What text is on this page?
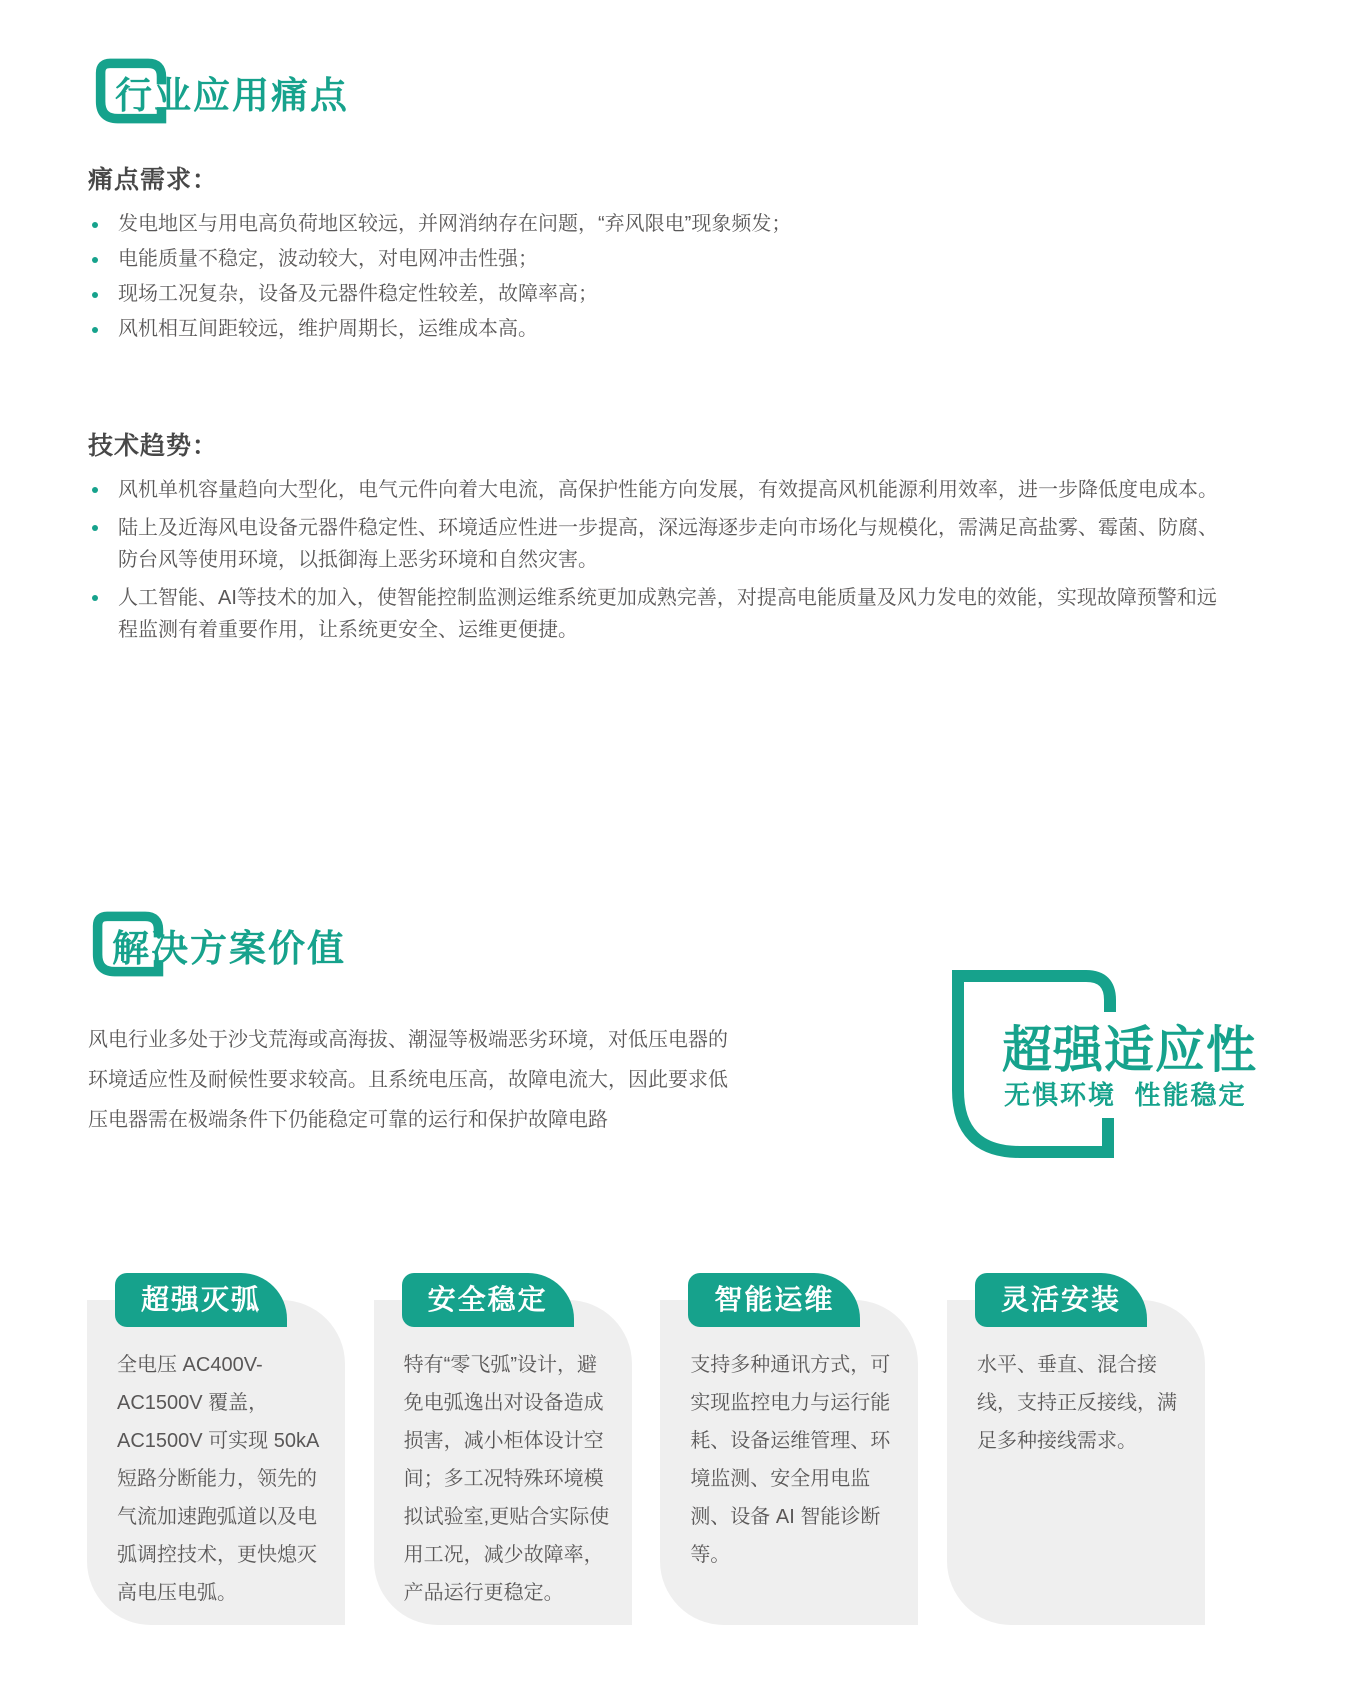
行业应用痛点
痛点需求：
发电地区与用电高负荷地区较远，并网消纳存在问题，“弃风限电”现象频发；
电能质量不稳定，波动较大，对电网冲击性强；
现场工况复杂，设备及元器件稳定性较差，故障率高；
风机相互间距较远，维护周期长，运维成本高。
技术趋势：
风机单机容量趋向大型化，电气元件向着大电流，高保护性能方向发展，有效提高风机能源利用效率，进一步降低度电成本。
陆上及近海风电设备元器件稳定性、环境适应性进一步提高，深远海逐步走向市场化与规模化，需满足高盐雾、霉菌、防腐、防台风等使用环境，以抵御海上恶劣环境和自然灾害。
人工智能、AI等技术的加入，使智能控制监测运维系统更加成熟完善，对提高电能质量及风力发电的效能，实现故障预警和远程监测有着重要作用，让系统更安全、运维更便捷。
解决方案价值

风电行业多处于沙戈荒海或高海拔、潮湿等极端恶劣环境，对低压电器的环境适应性及耐候性要求较高。且系统电压高，故障电流大，因此要求低压电器需在极端条件下仍能稳定可靠的运行和保护故障电路

超强适应性
无惧环境  性能稳定
超强灭弧
全电压 AC400V-AC1500V 覆盖，AC1500V 可实现 50kA 短路分断能力，领先的气流加速跑弧道以及电弧调控技术，更快熄灭高电压电弧。
安全稳定
特有“零飞弧”设计，避免电弧逸出对设备造成损害，减小柜体设计空间；多工况特殊环境模拟试验室,更贴合实际使用工况，减少故障率，产品运行更稳定。
智能运维
支持多种通讯方式，可实现监控电力与运行能耗、设备运维管理、环境监测、安全用电监测、设备 AI 智能诊断等。
灵活安装
水平、垂直、混合接线，支持正反接线，满足多种接线需求。
